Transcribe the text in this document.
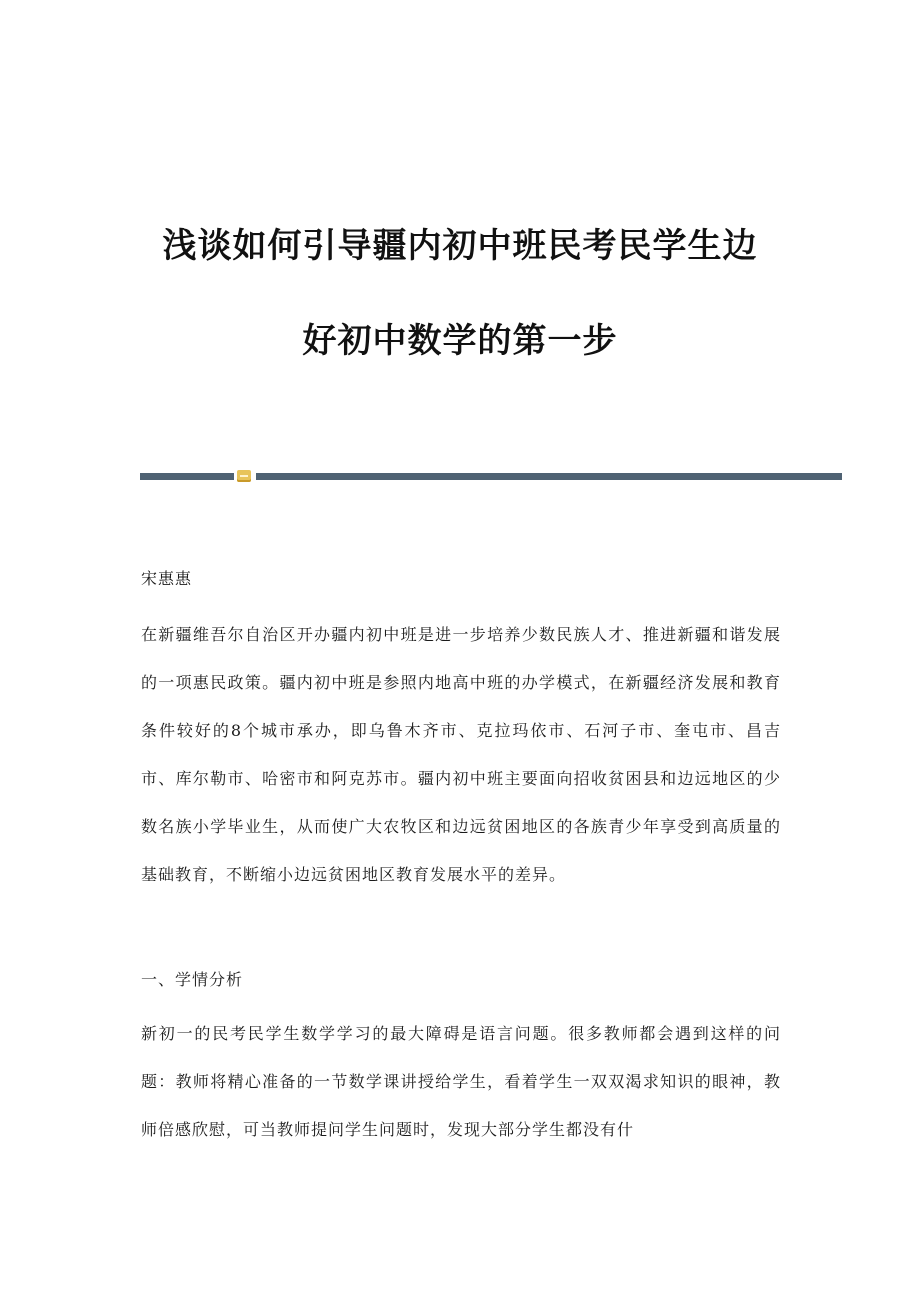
浅谈如何引导疆内初中班民考民学生边
好初中数学的第一步
宋惠惠
在新疆维吾尔自治区开办疆内初中班是进一步培养少数民族人才、推进新疆和谐发展的一项惠民政策。疆内初中班是参照内地高中班的办学模式，在新疆经济发展和教育条件较好的8个城市承办，即乌鲁木齐市、克拉玛依市、石河子市、奎屯市、昌吉市、库尔勒市、哈密市和阿克苏市。疆内初中班主要面向招收贫困县和边远地区的少数名族小学毕业生，从而使广大农牧区和边远贫困地区的各族青少年享受到高质量的基础教育，不断缩小边远贫困地区教育发展水平的差异。
一、学情分析
新初一的民考民学生数学学习的最大障碍是语言问题。很多教师都会遇到这样的问题：教师将精心准备的一节数学课讲授给学生，看着学生一双双渴求知识的眼神，教师倍感欣慰，可当教师提问学生问题时，发现大部分学生都没有什
